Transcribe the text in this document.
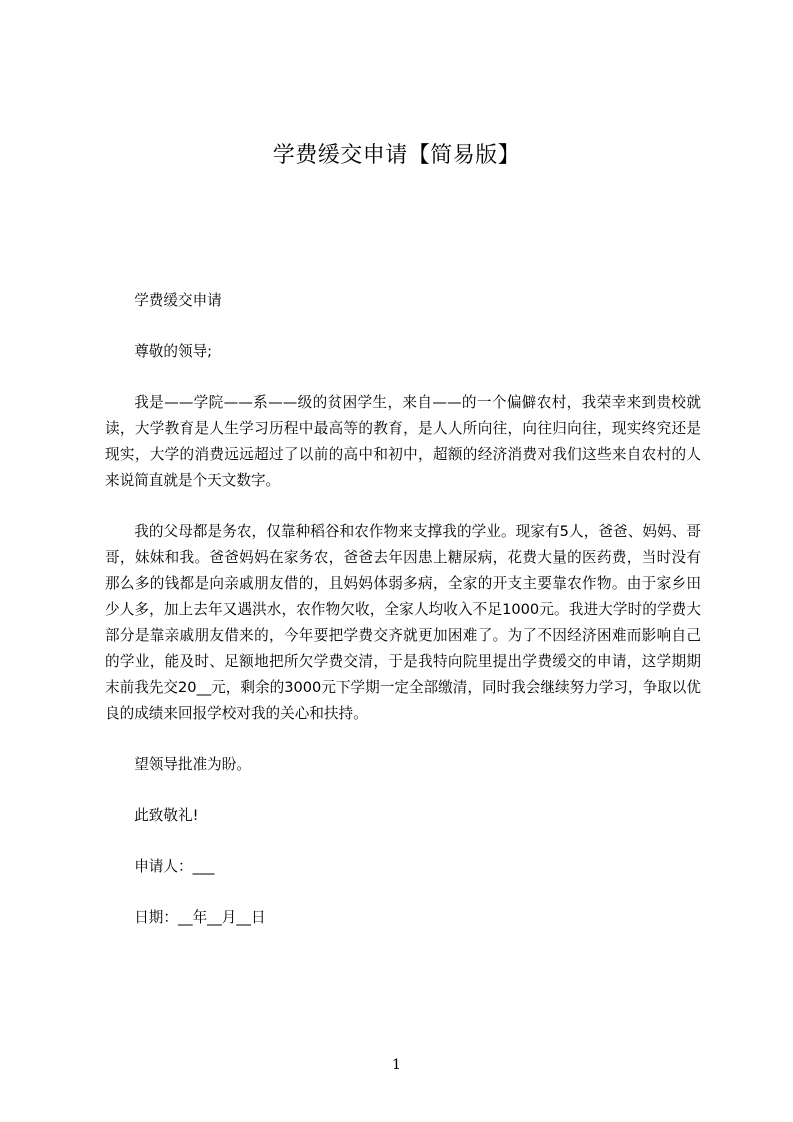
学费缓交申请【简易版】

学费缓交申请

尊敬的领导;

我是——学院——系——级的贫困学生，来自——的一个偏僻农村，我荣幸来到贵校就读，大学教育是人生学习历程中最高等的教育，是人人所向往，向往归向往，现实终究还是现实，大学的消费远远超过了以前的高中和初中，超额的经济消费对我们这些来自农村的人来说简直就是个天文数字。

我的父母都是务农，仅靠种稻谷和农作物来支撑我的学业。现家有5人，爸爸、妈妈、哥哥，妹妹和我。爸爸妈妈在家务农，爸爸去年因患上糖尿病，花费大量的医药费，当时没有那么多的钱都是向亲戚朋友借的，且妈妈体弱多病，全家的开支主要靠农作物。由于家乡田少人多，加上去年又遇洪水，农作物欠收，全家人均收入不足1000元。我进大学时的学费大部分是靠亲戚朋友借来的，今年要把学费交齐就更加困难了。为了不因经济困难而影响自己的学业，能及时、足额地把所欠学费交清，于是我特向院里提出学费缓交的申请，这学期期末前我先交20__元，剩余的3000元下学期一定全部缴清，同时我会继续努力学习，争取以优良的成绩来回报学校对我的关心和扶持。

望领导批准为盼。

此致敬礼!

申请人：___

日期：__年__月__日

1
